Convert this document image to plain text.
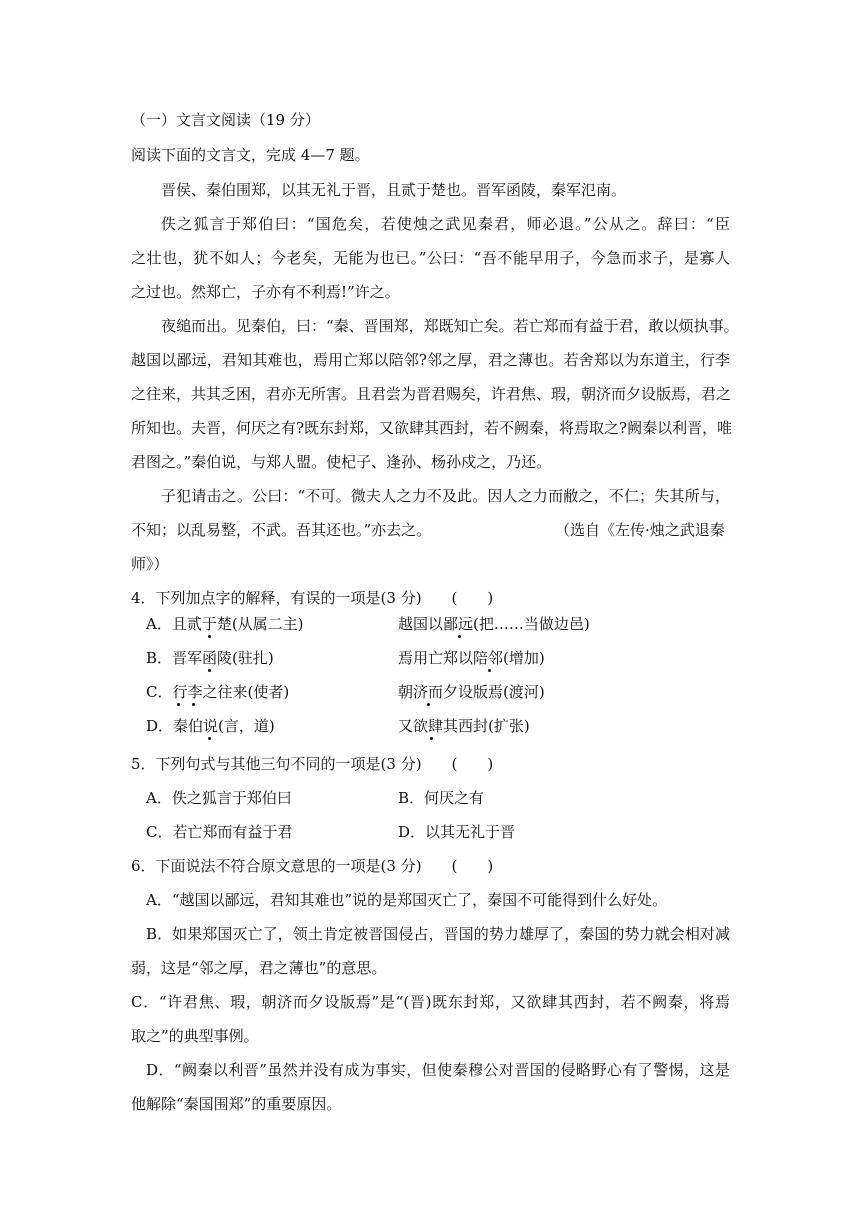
（一）文言文阅读（19 分）
阅读下面的文言文，完成 4—7 题。
晋侯、秦伯围郑，以其无礼于晋，且贰于楚也。晋军函陵，秦军氾南。
佚之狐言于郑伯曰：“国危矣，若使烛之武见秦君，师必退。”公从之。辞曰：“臣
之壮也，犹不如人；今老矣，无能为也已。”公曰：“吾不能早用子，今急而求子，是寡人
之过也。然郑亡，子亦有不利焉!”许之。
夜缒而出。见秦伯，曰：“秦、晋围郑，郑既知亡矣。若亡郑而有益于君，敢以烦执事。
越国以鄙远，君知其难也，焉用亡郑以陪邻?邻之厚，君之薄也。若舍郑以为东道主，行李
之往来，共其乏困，君亦无所害。且君尝为晋君赐矣，许君焦、瑕，朝济而夕设版焉，君之
所知也。夫晋，何厌之有?既东封郑，又欲肆其西封，若不阙秦，将焉取之?阙秦以利晋，唯
君图之。”秦伯说，与郑人盟。使杞子、逢孙、杨孙戍之，乃还。
子犯请击之。公曰：“不可。微夫人之力不及此。因人之力而敝之，不仁；失其所与，
不知；以乱易整，不武。吾其还也。”亦去之。	（选自《左传·烛之武退秦
师》）
4．下列加点字的解释，有误的一项是(3 分)　　(　　)
A．且贰于楚(从属二主)	越国以鄙远(把……当做边邑)
B．晋军函陵(驻扎)	焉用亡郑以陪邻(增加)
C．行李之往来(使者)	朝济而夕设版焉(渡河)
D．秦伯说(言，道)	又欲肆其西封(扩张)
5．下列句式与其他三句不同的一项是(3 分)　　(　　)
A．佚之狐言于郑伯曰	B．何厌之有
C．若亡郑而有益于君	D．以其无礼于晋
6．下面说法不符合原文意思的一项是(3 分)　　(　　)
A．“越国以鄙远，君知其难也”说的是郑国灭亡了，秦国不可能得到什么好处。
B．如果郑国灭亡了，领土肯定被晋国侵占，晋国的势力雄厚了，秦国的势力就会相对减
弱，这是“邻之厚，君之薄也”的意思。
C．“许君焦、瑕，朝济而夕设版焉”是“(晋)既东封郑，又欲肆其西封，若不阙秦，将焉
取之”的典型事例。
D．“阙秦以利晋”虽然并没有成为事实，但使秦穆公对晋国的侵略野心有了警惕，这是
他解除“秦国围郑”的重要原因。
